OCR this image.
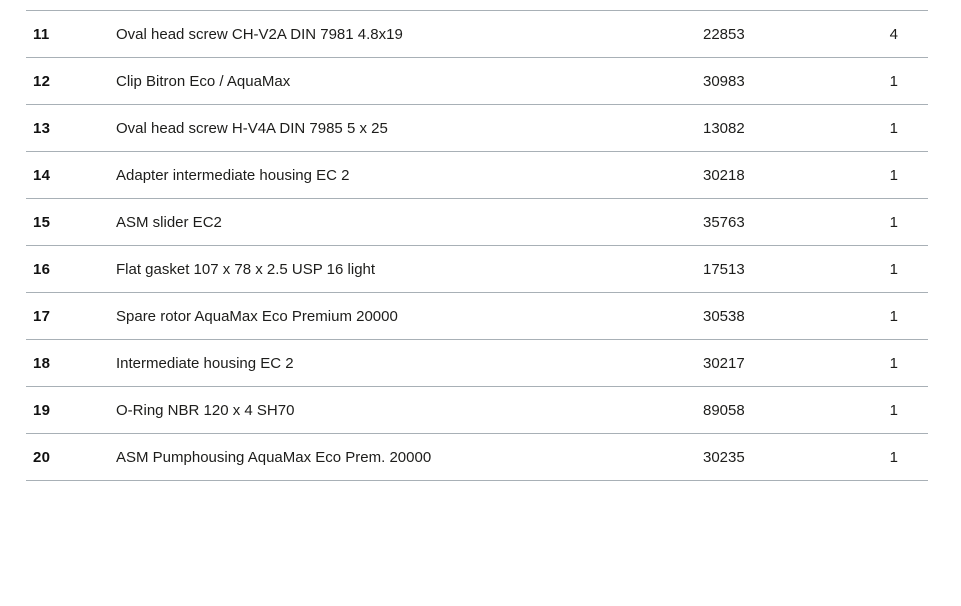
11	Oval head screw CH-V2A DIN 7981 4.8x19	22853	4
12	Clip Bitron Eco / AquaMax	30983	1
13	Oval head screw H-V4A DIN 7985 5 x 25	13082	1
14	Adapter intermediate housing EC 2	30218	1
15	ASM slider EC2	35763	1
16	Flat gasket 107 x 78 x 2.5 USP 16 light	17513	1
17	Spare rotor AquaMax Eco Premium 20000	30538	1
18	Intermediate housing EC 2	30217	1
19	O-Ring NBR 120 x 4 SH70	89058	1
20	ASM Pumphousing AquaMax Eco Prem. 20000	30235	1
